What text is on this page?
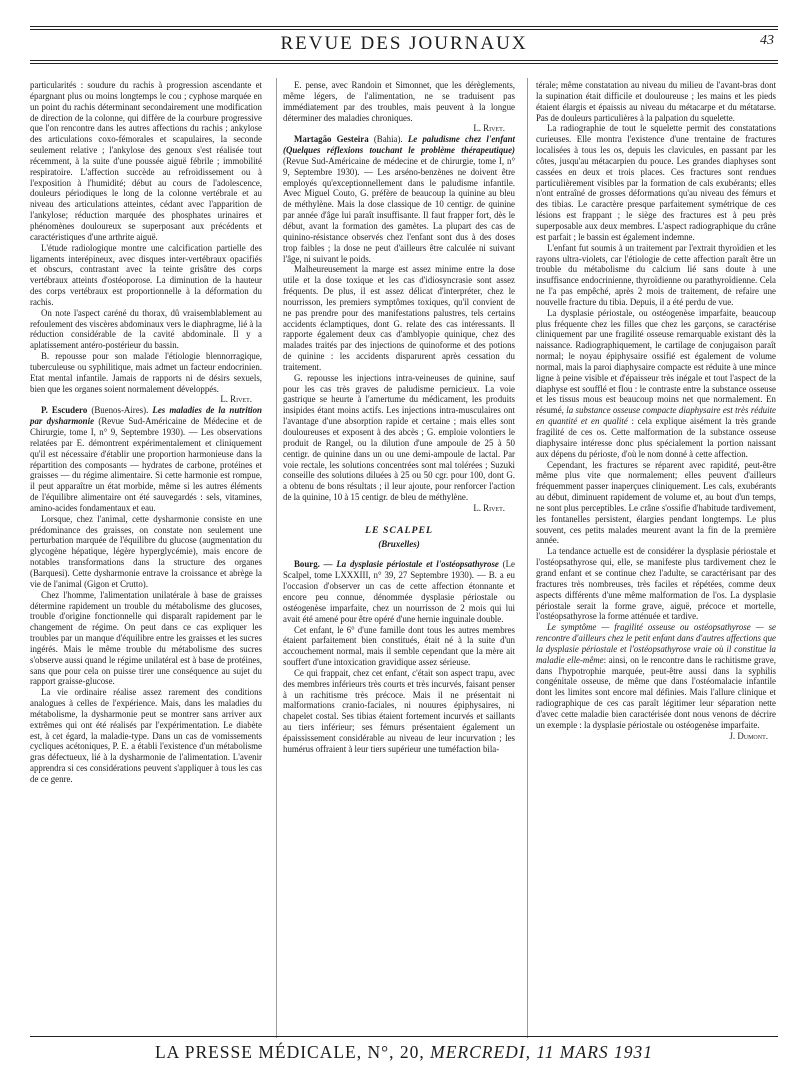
REVUE DES JOURNAUX	43

particularités : soudure du rachis à progression ascendante et épargnant plus ou moins longtemps le cou ; cyphose marquée en un point du rachis déterminant secondairement une modification de direction de la colonne, qui diffère de la courbure progressive que l'on rencontre dans les autres affections du rachis ; ankylose des articulations coxo-fémorales et scapulaires, la seconde seulement relative ; l'ankylose des genoux s'est réalisée tout récemment, à la suite d'une poussée aiguë fébrile ; immobilité respiratoire. L'affection succède au refroidissement ou à l'exposition à l'humidité; début au cours de l'adolescence, douleurs périodiques le long de la colonne vertébrale et au niveau des articulations atteintes, cédant avec l'apparition de l'ankylose; réduction marquée des phosphates urinaires et phénomènes douloureux se superposant aux précédents et caractéristiques d'une arthrite aiguë.

L'étude radiologique montre une calcification partielle des ligaments interépineux, avec disques inter-vertébraux opacifiés et obscurs, contrastant avec la teinte grisâtre des corps vertébraux atteints d'ostéoporose. La diminution de la hauteur des corps vertébraux est proportionnelle à la déformation du rachis.

On note l'aspect caréné du thorax, dû vraisemblablement au refoulement des viscères abdominaux vers le diaphragme, lié à la réduction considérable de la cavité abdominale. Il y a aplatissement antéro-postérieur du bassin.

B. repousse pour son malade l'étiologie blennorragique, tuberculeuse ou syphilitique, mais admet un facteur endocrinien. Etat mental infantile. Jamais de rapports ni de désirs sexuels, bien que les organes soient normalement développés.

L. Rivet.

P. Escudero (Buenos-Aires). Les maladies de la nutrition par dysharmonie (Revue Sud-Américaine de Médecine et de Chirurgie, tome I, n° 9, Septembre 1930). — Les observations relatées par E. démontrent expérimentalement et cliniquement qu'il est nécessaire d'établir une proportion harmonieuse dans la répartition des composants — hydrates de carbone, protéines et graisses — du régime alimentaire. Si cette harmonie est rompue, il peut apparaître un état morbide, même si les autres éléments de l'équilibre alimentaire ont été sauvegardés : sels, vitamines, amino-acides fondamentaux et eau.

Lorsque, chez l'animal, cette dysharmonie consiste en une prédominance des graisses, on constate non seulement une perturbation marquée de l'équilibre du glucose (augmentation du glycogène hépatique, légère hyperglycémie), mais encore de notables transformations dans la structure des organes (Barquesi). Cette dysharmonie entrave la croissance et abrège la vie de l'animal (Gigon et Crutto).

Chez l'homme, l'alimentation unilatérale à base de graisses détermine rapidement un trouble du métabolisme des glucoses, trouble d'origine fonctionnelle qui disparaît rapidement par le changement de régime. On peut dans ce cas expliquer les troubles par un manque d'équilibre entre les graisses et les sucres ingérés. Mais le même trouble du métabolisme des sucres s'observe aussi quand le régime unilatéral est à base de protéines, sans que pour cela on puisse tirer une conséquence au sujet du rapport graisse-glucose.

La vie ordinaire réalise assez rarement des conditions analogues à celles de l'expérience. Mais, dans les maladies du métabolisme, la dysharmonie peut se montrer sans arriver aux extrêmes qui ont été réalisés par l'expérimentation. Le diabète est, à cet égard, la maladie-type. Dans un cas de vomissements cycliques acétoniques, P. E. a établi l'existence d'un métabolisme gras défectueux, lié à la dysharmonie de l'alimentation. L'avenir apprendra si ces considérations peuvent s'appliquer à tous les cas de ce genre.

E. pense, avec Randoin et Simonnet, que les dérèglements, même légers, de l'alimentation, ne se traduisent pas immédiatement par des troubles, mais peuvent à la longue déterminer des maladies chroniques.

L. Rivet.

Martagão Gesteira (Bahia). Le paludisme chez l'enfant (Quelques réflexions touchant le problème thérapeutique) (Revue Sud-Américaine de médecine et de chirurgie, tome I, n° 9, Septembre 1930). — Les arséno-benzènes ne doivent être employés qu'exceptionnellement dans le paludisme infantile. Avec Miguel Couto, G. préfère de beaucoup la quinine au bleu de méthylène. Mais la dose classique de 10 centigr. de quinine par année d'âge lui paraît insuffisante. Il faut frapper fort, dès le début, avant la formation des gamètes. La plupart des cas de quinino-résistance observés chez l'enfant sont dus à des doses trop faibles ; la dose ne peut d'ailleurs être calculée ni suivant l'âge, ni suivant le poids.

Malheureusement la marge est assez minime entre la dose utile et la dose toxique et les cas d'idiosyncrasie sont assez fréquents. De plus, il est assez délicat d'interpréter, chez le nourrisson, les premiers symptômes toxiques, qu'il convient de ne pas prendre pour des manifestations palustres, tels certains accidents éclamptiques, dont G. relate des cas intéressants. Il rapporte également deux cas d'amblyopie quinique, chez des malades traités par des injections de quinoforme et des potions de quinine : les accidents disparurent après cessation du traitement.

G. repousse les injections intra-veineuses de quinine, sauf pour les cas très graves de paludisme pernicieux. La voie gastrique se heurte à l'amertume du médicament, les produits insipides étant moins actifs. Les injections intra-musculaires ont l'avantage d'une absorption rapide et certaine ; mais elles sont douloureuses et exposent à des abcès ; G. emploie volontiers le produit de Rangel, ou la dilution d'une ampoule de 25 à 50 centigr. de quinine dans un ou une demi-ampoule de lactal. Par voie rectale, les solutions concentrées sont mal tolérées ; Suzuki conseille des solutions diluées à 25 ou 50 cgr. pour 100, dont G. a obtenu de bons résultats ; il leur ajoute, pour renforcer l'action de la quinine, 10 à 15 centigr. de bleu de méthylène.

L. Rivet.

LE SCALPEL
(Bruxelles)

Bourg. — La dysplasie périostale et l'ostéopsathyrose (Le Scalpel, tome LXXXIII, n° 39, 27 Septembre 1930). — B. a eu l'occasion d'observer un cas de cette affection étonnante et encore peu connue, dénommée dysplasie périostale ou ostéogenèse imparfaite, chez un nourrisson de 2 mois qui lui avait été amené pour être opéré d'une hernie inguinale double.

Cet enfant, le 6° d'une famille dont tous les autres membres étaient parfaitement bien constitués, était né à la suite d'un accouchement normal, mais il semble cependant que la mère ait souffert d'une intoxication gravidique assez sérieuse.

Ce qui frappait, chez cet enfant, c'était son aspect trapu, avec des membres inférieurs très courts et très incurvés, faisant penser à un rachitisme très précoce. Mais il ne présentait ni malformations cranio-faciales, ni nouures épiphysaires, ni chapelet costal. Ses tibias étaient fortement incurvés et saillants au tiers inférieur; ses fémurs présentaient également un épaississement considérable au niveau de leur incurvation ; les humérus offraient à leur tiers supérieur une tuméfaction bila-

térale; même constatation au niveau du milieu de l'avant-bras dont la supination était difficile et douloureuse ; les mains et les pieds étaient élargis et épaissis au niveau du métacarpe et du métatarse. Pas de douleurs particulières à la palpation du squelette.

La radiographie de tout le squelette permit des constatations curieuses. Elle montra l'existence d'une trentaine de fractures localisées à tous les os, depuis les clavicules, en passant par les côtes, jusqu'au métacarpien du pouce. Les grandes diaphyses sont cassées en deux et trois places. Ces fractures sont rendues particulièrement visibles par la formation de cals exubérants; elles n'ont entraîné de grosses déformations qu'au niveau des fémurs et des tibias. Le caractère presque parfaitement symétrique de ces lésions est frappant ; le siège des fractures est à peu près superposable aux deux membres. L'aspect radiographique du crâne est parfait ; le bassin est également indemne.

L'enfant fut soumis à un traitement par l'extrait thyroïdien et les rayons ultra-violets, car l'étiologie de cette affection paraît être un trouble du métabolisme du calcium lié sans doute à une insuffisance endocrinienne, thyroïdienne ou parathyroïdienne. Cela ne l'a pas empêché, après 2 mois de traitement, de refaire une nouvelle fracture du tibia. Depuis, il a été perdu de vue.

La dysplasie périostale, ou ostéogenèse imparfaite, beaucoup plus fréquente chez les filles que chez les garçons, se caractérise cliniquement par une fragilité osseuse remarquable existant dès la naissance. Radiographiquement, le cartilage de conjugaison paraît normal; le noyau épiphysaire ossifié est également de volume normal, mais la paroi diaphysaire compacte est réduite à une mince ligne à peine visible et d'épaisseur très inégale et tout l'aspect de la diaphyse est soufflé et flou : le contraste entre la substance osseuse et les tissus mous est beaucoup moins net que normalement. En résumé, la substance osseuse compacte diaphysaire est très réduite en quantité et en qualité : cela explique aisément la très grande fragilité de ces os. Cette malformation de la substance osseuse diaphysaire intéresse donc plus spécialement la portion naissant aux dépens du périoste, d'où le nom donné à cette affection.

Cependant, les fractures se réparent avec rapidité, peut-être même plus vite que normalement; elles peuvent d'ailleurs fréquemment passer inaperçues cliniquement. Les cals, exubérants au début, diminuent rapidement de volume et, au bout d'un temps, ne sont plus perceptibles. Le crâne s'ossifie d'habitude tardivement, les fontanelles persistent, élargies pendant longtemps. Le plus souvent, ces petits malades meurent avant la fin de la première année.

La tendance actuelle est de considérer la dysplasie périostale et l'ostéopsathyrose qui, elle, se manifeste plus tardivement chez le grand enfant et se continue chez l'adulte, se caractérisant par des fractures très nombreuses, très faciles et répétées, comme deux aspects différents d'une même malformation de l'os. La dysplasie périostale serait la forme grave, aiguë, précoce et mortelle, l'ostéopsathyrose la forme atténuée et tardive.

Le symptôme — fragilité osseuse ou ostéopsathyrose — se rencontre d'ailleurs chez le petit enfant dans d'autres affections que la dysplasie périostale et l'ostéopsathyrose vraie où il constitue la maladie elle-même: ainsi, on le rencontre dans le rachitisme grave, dans l'hypotrophie marquée, peut-être aussi dans la syphilis congénitale osseuse, de même que dans l'ostéomalacie infantile dont les limites sont encore mal définies. Mais l'allure clinique et radiographique de ces cas paraît légitimer leur séparation nette d'avec cette maladie bien caractérisée dont nous venons de décrire un exemple : la dysplasie périostale ou ostéogenèse imparfaite.

J. Dumont.

LA PRESSE MÉDICALE, N°, 20, MERCREDI, 11 MARS 1931
